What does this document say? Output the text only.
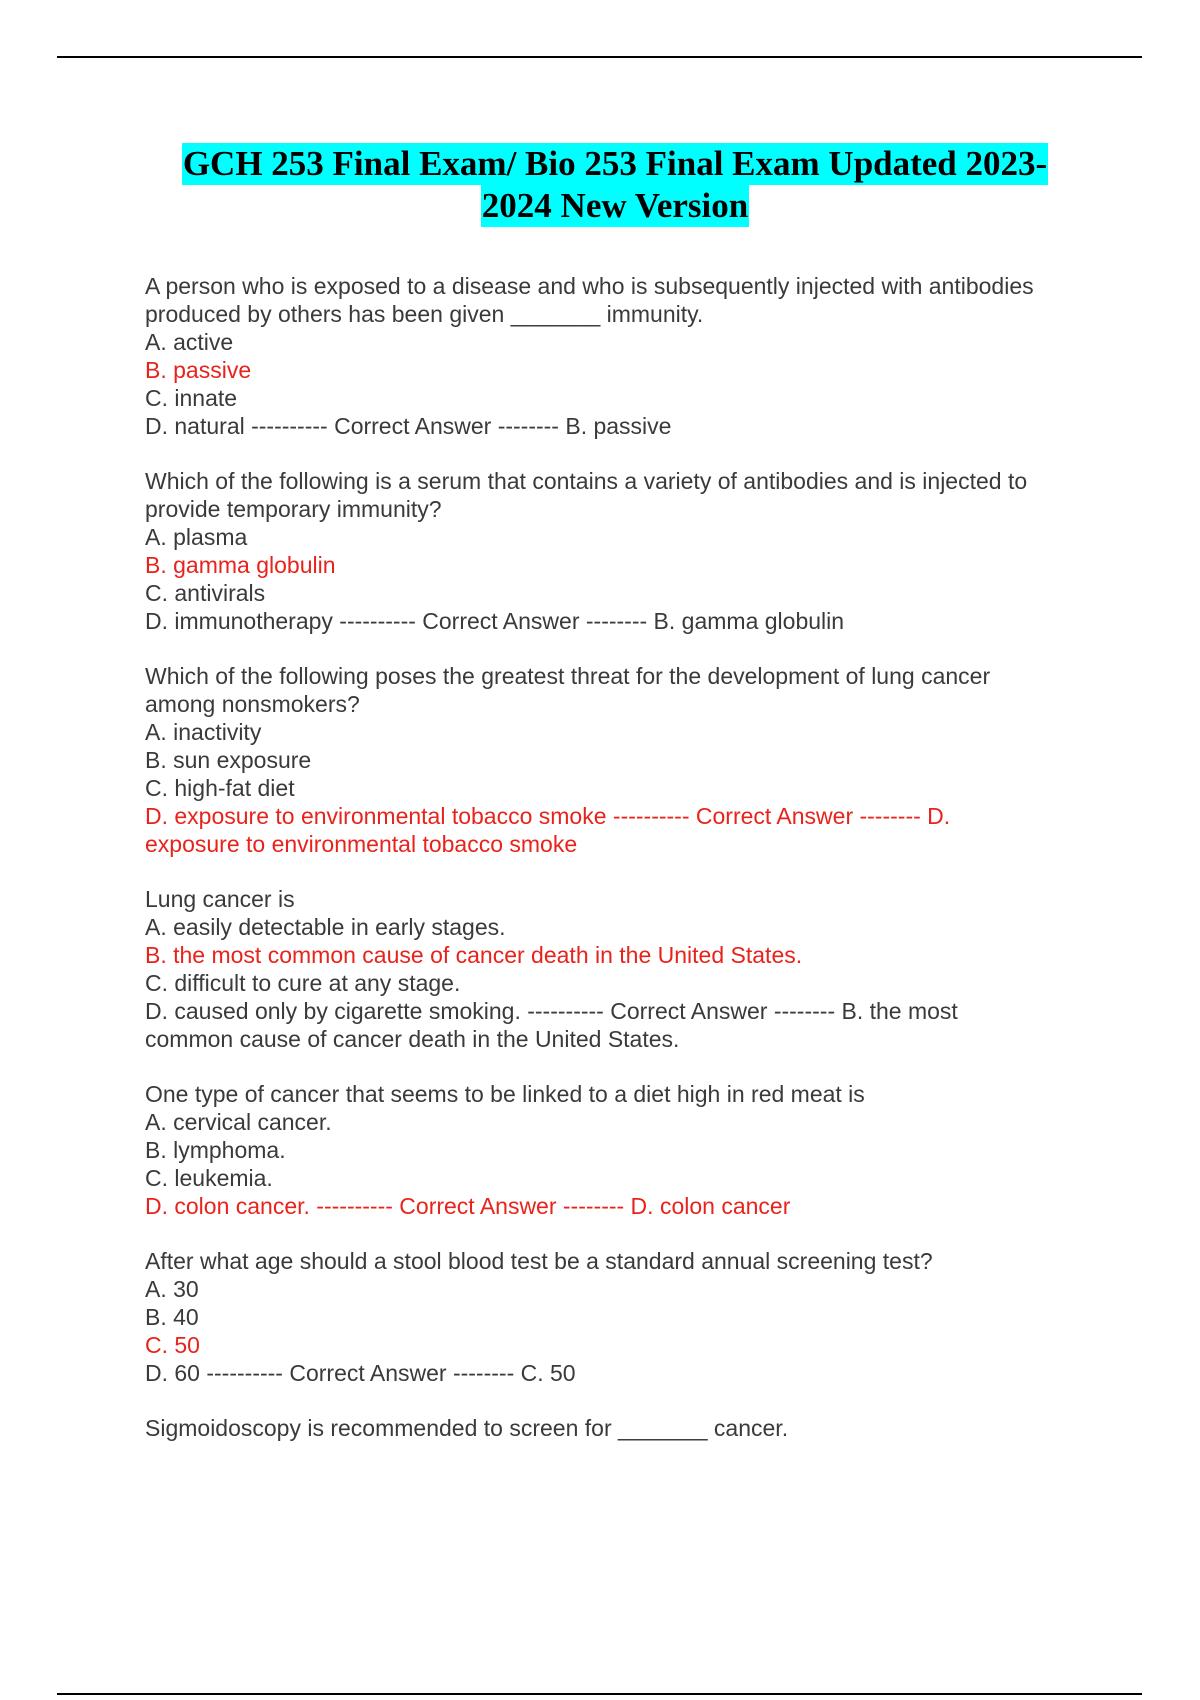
GCH 253 Final Exam/ Bio 253 Final Exam Updated 2023-
2024 New Version
A person who is exposed to a disease and who is subsequently injected with antibodies
produced by others has been given _______ immunity.
A. active
B. passive
C. innate
D. natural ---------- Correct Answer -------- B. passive
Which of the following is a serum that contains a variety of antibodies and is injected to
provide temporary immunity?
A. plasma
B. gamma globulin
C. antivirals
D. immunotherapy ---------- Correct Answer -------- B. gamma globulin
Which of the following poses the greatest threat for the development of lung cancer
among nonsmokers?
A. inactivity
B. sun exposure
C. high-fat diet
D. exposure to environmental tobacco smoke ---------- Correct Answer -------- D.
exposure to environmental tobacco smoke
Lung cancer is
A. easily detectable in early stages.
B. the most common cause of cancer death in the United States.
C. difficult to cure at any stage.
D. caused only by cigarette smoking. ---------- Correct Answer -------- B. the most
common cause of cancer death in the United States.
One type of cancer that seems to be linked to a diet high in red meat is
A. cervical cancer.
B. lymphoma.
C. leukemia.
D. colon cancer. ---------- Correct Answer -------- D. colon cancer
After what age should a stool blood test be a standard annual screening test?
A. 30
B. 40
C. 50
D. 60 ---------- Correct Answer -------- C. 50
Sigmoidoscopy is recommended to screen for _______ cancer.
